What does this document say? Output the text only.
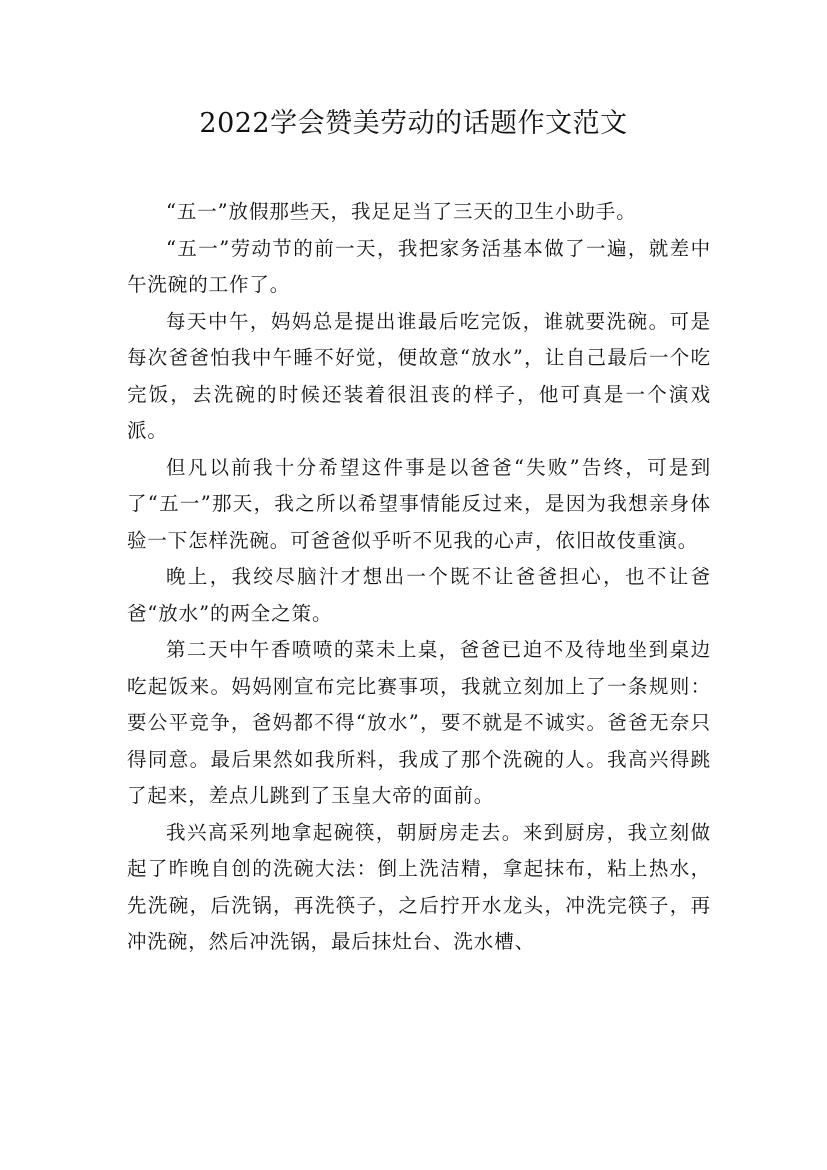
2022学会赞美劳动的话题作文范文

“五一”放假那些天，我足足当了三天的卫生小助手。

“五一”劳动节的前一天，我把家务活基本做了一遍，就差中午洗碗的工作了。

每天中午，妈妈总是提出谁最后吃完饭，谁就要洗碗。可是每次爸爸怕我中午睡不好觉，便故意“放水”，让自己最后一个吃完饭，去洗碗的时候还装着很沮丧的样子，他可真是一个演戏派。

但凡以前我十分希望这件事是以爸爸“失败”告终，可是到了“五一”那天，我之所以希望事情能反过来，是因为我想亲身体验一下怎样洗碗。可爸爸似乎听不见我的心声，依旧故伎重演。

晚上，我绞尽脑汁才想出一个既不让爸爸担心，也不让爸爸“放水”的两全之策。

第二天中午香喷喷的菜未上桌，爸爸已迫不及待地坐到桌边吃起饭来。妈妈刚宣布完比赛事项，我就立刻加上了一条规则：要公平竞争，爸妈都不得“放水”，要不就是不诚实。爸爸无奈只得同意。最后果然如我所料，我成了那个洗碗的人。我高兴得跳了起来，差点儿跳到了玉皇大帝的面前。

我兴高采列地拿起碗筷，朝厨房走去。来到厨房，我立刻做起了昨晚自创的洗碗大法：倒上洗洁精，拿起抹布，粘上热水，先洗碗，后洗锅，再洗筷子，之后拧开水龙头，冲洗完筷子，再冲洗碗，然后冲洗锅，最后抹灶台、洗水槽、
